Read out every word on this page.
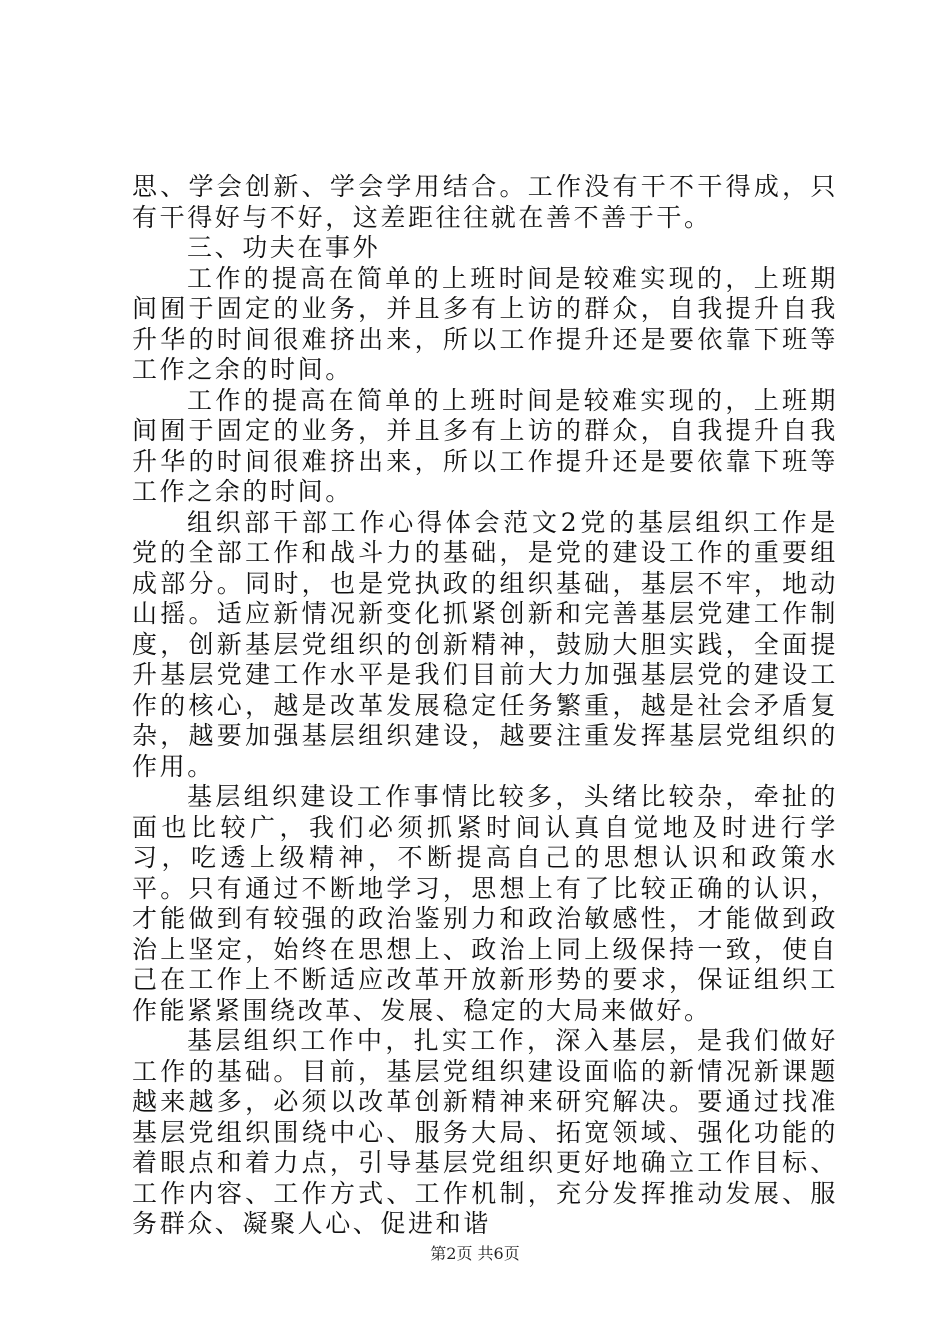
思、学会创新、学会学用结合。工作没有干不干得成，只有干得好与不好，这差距往往就在善不善于干。

三、功夫在事外

工作的提高在简单的上班时间是较难实现的，上班期间囿于固定的业务，并且多有上访的群众，自我提升自我升华的时间很难挤出来，所以工作提升还是要依靠下班等工作之余的时间。

工作的提高在简单的上班时间是较难实现的，上班期间囿于固定的业务，并且多有上访的群众，自我提升自我升华的时间很难挤出来，所以工作提升还是要依靠下班等工作之余的时间。

组织部干部工作心得体会范文2党的基层组织工作是党的全部工作和战斗力的基础，是党的建设工作的重要组成部分。同时，也是党执政的组织基础，基层不牢，地动山摇。适应新情况新变化抓紧创新和完善基层党建工作制度，创新基层党组织的创新精神，鼓励大胆实践，全面提升基层党建工作水平是我们目前大力加强基层党的建设工作的核心，越是改革发展稳定任务繁重，越是社会矛盾复杂，越要加强基层组织建设，越要注重发挥基层党组织的作用。

基层组织建设工作事情比较多，头绪比较杂，牵扯的面也比较广，我们必须抓紧时间认真自觉地及时进行学习，吃透上级精神，不断提高自己的思想认识和政策水平。只有通过不断地学习，思想上有了比较正确的认识，才能做到有较强的政治鉴别力和政治敏感性，才能做到政治上坚定，始终在思想上、政治上同上级保持一致，使自己在工作上不断适应改革开放新形势的要求，保证组织工作能紧紧围绕改革、发展、稳定的大局来做好。

基层组织工作中，扎实工作，深入基层，是我们做好工作的基础。目前，基层党组织建设面临的新情况新课题越来越多，必须以改革创新精神来研究解决。要通过找准基层党组织围绕中心、服务大局、拓宽领域、强化功能的着眼点和着力点，引导基层党组织更好地确立工作目标、工作内容、工作方式、工作机制，充分发挥推动发展、服务群众、凝聚人心、促进和谐

第2页 共6页
